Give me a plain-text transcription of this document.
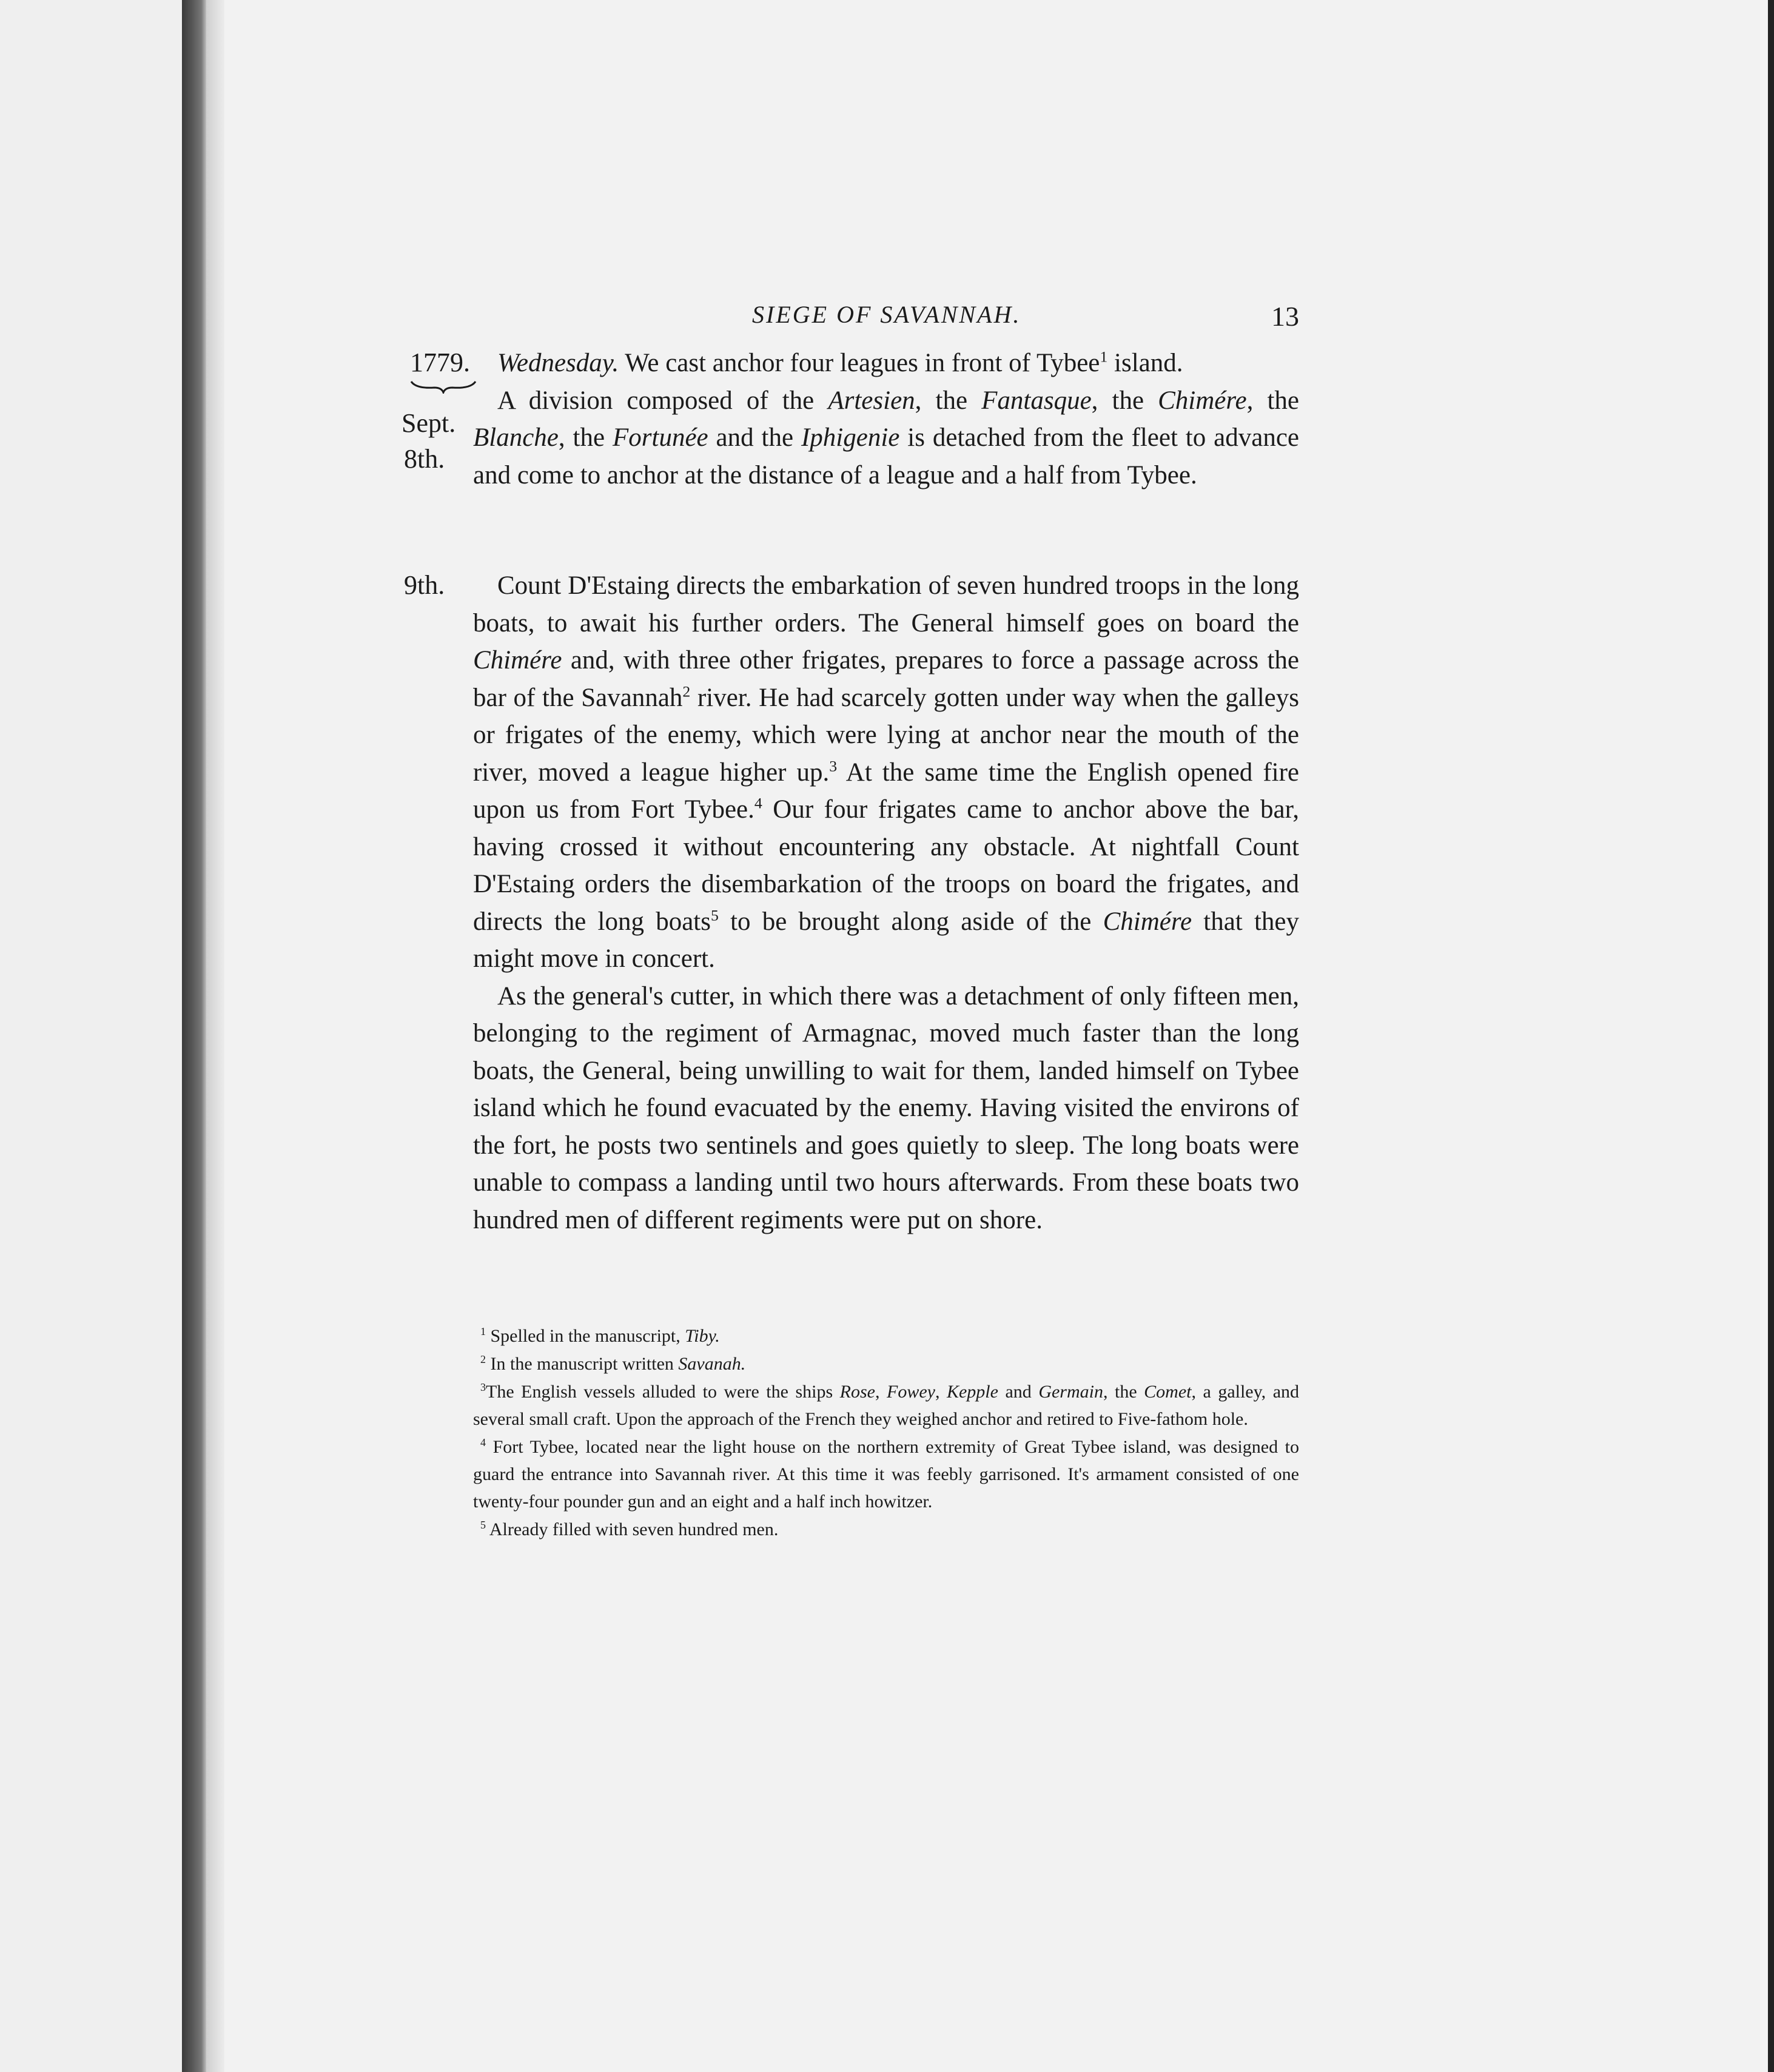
SIEGE OF SAVANNAH.	13
1779.
Sept.
8th.
9th.

Wednesday. We cast anchor four leagues in front of Tybee$^1$ island.

A division composed of the Artesien, the Fantasque, the Chimére, the Blanche, the Fortunée and the Iphigenie is detached from the fleet to advance and come to anchor at the distance of a league and a half from Tybee.

Count D'Estaing directs the embarkation of seven hundred troops in the long boats, to await his further orders. The General himself goes on board the Chimére and, with three other frigates, prepares to force a passage across the bar of the Savannah$^2$ river. He had scarcely gotten under way when the galleys or frigates of the enemy, which were lying at anchor near the mouth of the river, moved a league higher up.$^3$ At the same time the English opened fire upon us from Fort Tybee.$^4$ Our four frigates came to anchor above the bar, having crossed it without encountering any obstacle. At nightfall Count D'Estaing orders the disembarkation of the troops on board the frigates, and directs the long boats$^5$ to be brought along aside of the Chimére that they might move in concert.

As the general's cutter, in which there was a detachment of only fifteen men, belonging to the regiment of Armagnac, moved much faster than the long boats, the General, being unwilling to wait for them, landed himself on Tybee island which he found evacuated by the enemy. Having visited the environs of the fort, he posts two sentinels and goes quietly to sleep. The long boats were unable to compass a landing until two hours afterwards. From these boats two hundred men of different regiments were put on shore.

$^1$ Spelled in the manuscript, Tiby.

$^2$ In the manuscript written Savanah.

$^3$The English vessels alluded to were the ships Rose, Fowey, Kepple and Germain, the Comet, a galley, and several small craft. Upon the approach of the French they weighed anchor and retired to Five-fathom hole.

$^4$ Fort Tybee, located near the light house on the northern extremity of Great Tybee island, was designed to guard the entrance into Savannah river. At this time it was feebly garrisoned. It's armament consisted of one twenty-four pounder gun and an eight and a half inch howitzer.

$^5$ Already filled with seven hundred men.
